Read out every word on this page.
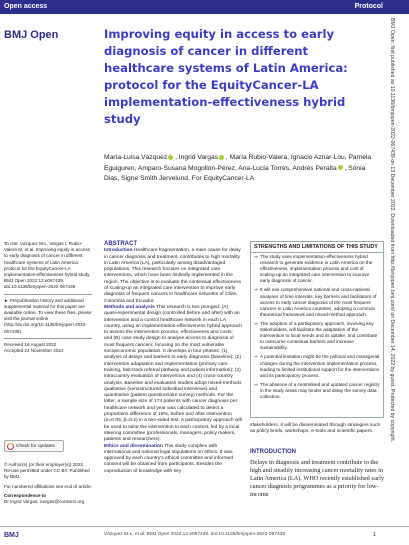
Open access	Protocol
BMJ Open	Improving equity in access to early diagnosis of cancer in different healthcare systems of Latin America: protocol for the EquityCancer-LA implementation-effectiveness hybrid study
María-Luisa Vázquez , Ingrid Vargas , María Rubio-Valera, Ignacio Aznar-Lou, Pamela Eguiguren, Amparo-Susana Mogollón-Pérez, Ana-Lucía Torres, Andrés Peralta , Sónia Dias, Signe Smith Jervelund, For EquityCancer-LA
To cite: Vázquez M-L, Vargas I, Rubio-Valera M, et al. Improving equity in access to early diagnosis of cancer in different healthcare systems of Latin America: protocol for the EquityCancer-LA implementation-effectiveness hybrid study. BMJ Open 2022;12:e067439. doi:10.1136/bmjopen-2022-067439
► Prepublication history and additional supplemental material for this paper are available online. To view these files, please visit the journal online (http://dx.doi.org/10.1136/bmjopen-2022-067439).
Received 16 August 2022
Accepted 24 November 2022
Check for updates
© Author(s) (or their employer(s)) 2022. Re-use permitted under CC BY. Published by BMJ.
For numbered affiliations see end of article.
Correspondence to
Dr Ingrid Vargas; ivargas@consorci.org
ABSTRACT

Introduction Healthcare fragmentation, a main cause for delay in cancer diagnosis and treatment, contributes to high mortality in Latin America (LA), particularly among disadvantaged populations. This research focuses on integrated care interventions, which have been limitedly implemented in the region. The objective is to evaluate the contextual effectiveness of scaling-up an integrated care intervention to improve early diagnosis of frequent cancers in healthcare networks of Chile, Colombia and Ecuador.

Methods and analysis This research is two pronged: (A) quasi-experimental design (controlled before and after) with an intervention and a control healthcare network in each LA country, using an implementation-effectiveness hybrid approach to assess the intervention process, effectiveness and costs; and (B) case study design to analyse access to diagnosis of most frequent cancers, focusing on the most vulnerable socioeconomic population. It develops in four phases: (1) analysis of delays and barriers to early diagnosis (baseline); (2) intervention adaptation and implementation (primary care training, fast-track referral pathway and patient information); (3) intracountry evaluation of intervention and (4) cross-country analysis. Baseline and evaluation studies adopt mixed-methods qualitative (semistructured individual interviews) and quantitative (patient questionnaire survey) methods. For the latter, a sample size of 174 patients with cancer diagnosis per healthcare network and year was calculated to detect a proportions difference of 15%, before and after intervention (α=0.05; β=0.2) in a two-sided test. A participatory approach will be used to tailor the intervention to each context, led by a local steering committee (professionals, managers, policy makers, patients and researchers).

Ethics and dissemination This study complies with international and national legal stipulations on ethics. It was approved by each country's ethical committee and informed consent will be obtained from participants. Besides the coproduction of knowledge with key

STRENGTHS AND LIMITATIONS OF THIS STUDY
⇒ The study uses implementation-effectiveness hybrid research to generate evidence in Latin America on the effectiveness, implementation process and cost of scaling-up an integrated care intervention to improve early diagnosis of cancer.
⇒ It will use comprehensive national and cross-national analyses of time intervals, key barriers and facilitators of access to early cancer diagnosis of the most frequent cancers in Latin America countries, adopting a common theoretical framework and mixed-method approach.
⇒ The adoption of a participatory approach, involving key stakeholders, will facilitate the adaptation of the intervention to local needs and its uptake, and contribute to overcome contextual barriers and increase sustainability.
⇒ A potential limitation might be the political and managerial changes during the intervention implementation process, leading to limited institutional support for the interventions and its participatory process.
⇒ The absence of a centralised and updated cancer registry in the study areas may hinder and delay the survey data collection.
stakeholders, it will be disseminated through strategies such as policy briefs, workshops, e-tools and scientific papers.
INTRODUCTION
Delays in diagnosis and treatment contribute to the high and steadily increasing cancer mortality rates in Latin America (LA). WHO recently established early cancer diagnosis programmes as a priority for low-income
BMJ Open: first published as 10.1136/bmjopen-2022-067439 on 13 December 2022. Downloaded from http://bmjopen.bmj.com/ on December 14, 2022 by guest. Protected by copyright.
BMJ	Vázquez M-L, et al. BMJ Open 2022;12:e067439. doi:10.1136/bmjopen-2022-067439	1
